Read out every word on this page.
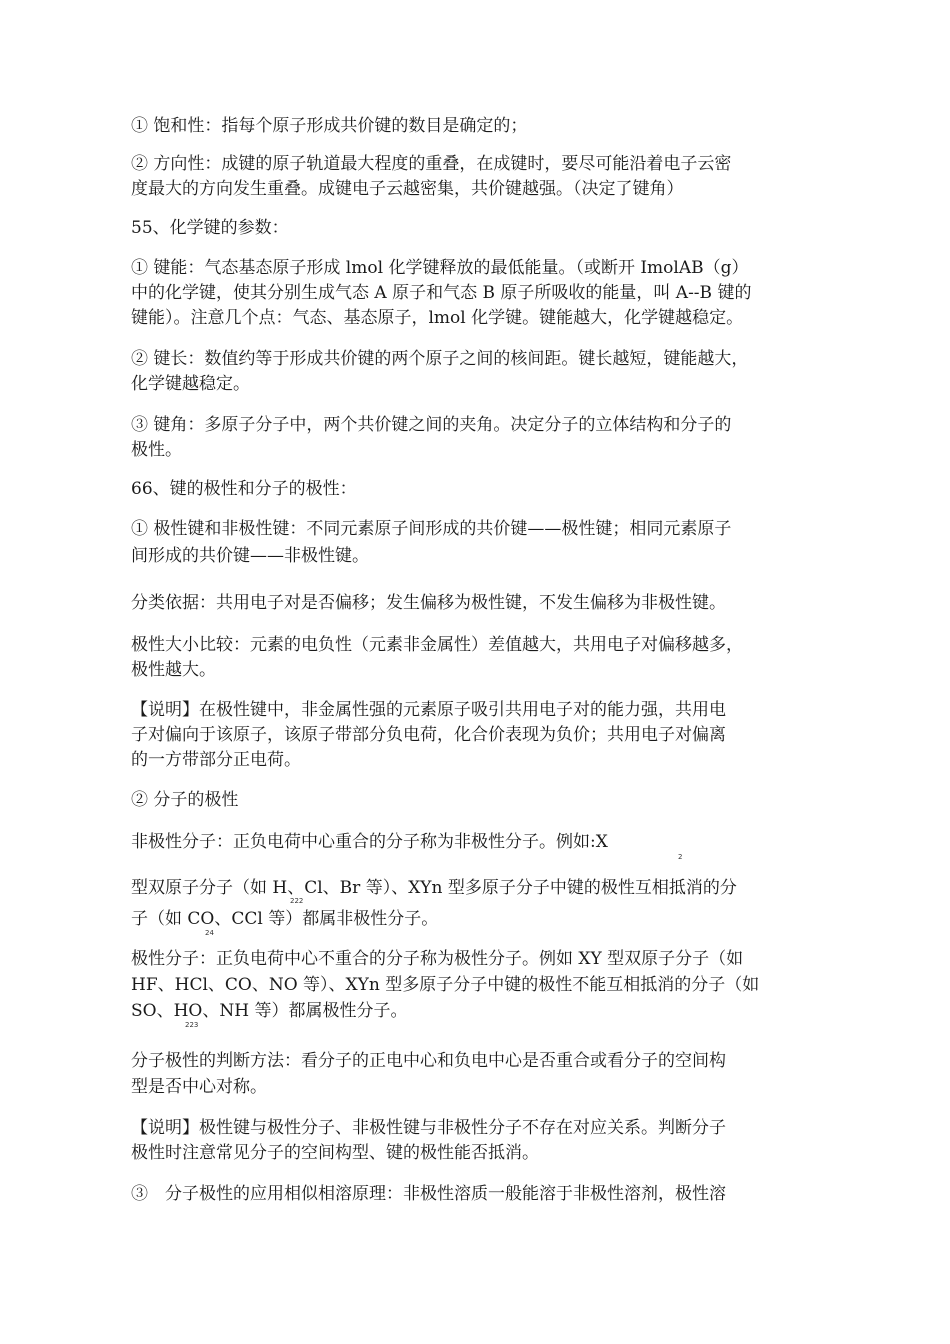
① 饱和性：指每个原子形成共价键的数目是确定的；

② 方向性：成键的原子轨道最大程度的重叠，在成键时，要尽可能沿着电子云密

度最大的方向发生重叠。成键电子云越密集，共价键越强。（决定了键角）

55、化学键的参数：

① 键能：气态基态原子形成 lmol 化学键释放的最低能量。（或断开 ImolAB（g）

中的化学键，使其分别生成气态 A 原子和气态 B 原子所吸收的能量，叫 A--B 键的

键能）。注意几个点：气态、基态原子，lmol 化学键。键能越大，化学键越稳定。

② 键长：数值约等于形成共价键的两个原子之间的核间距。键长越短，键能越大，

化学键越稳定。

③ 键角：多原子分子中，两个共价键之间的夹角。决定分子的立体结构和分子的

极性。

66、键的极性和分子的极性：

① 极性键和非极性键：不同元素原子间形成的共价键——极性键；相同元素原子

间形成的共价键——非极性键。

分类依据：共用电子对是否偏移；发生偏移为极性键，不发生偏移为非极性键。

极性大小比较：元素的电负性（元素非金属性）差值越大，共用电子对偏移越多，

极性越大。

【说明】在极性键中，非金属性强的元素原子吸引共用电子对的能力强，共用电

子对偏向于该原子，该原子带部分负电荷，化合价表现为负价；共用电子对偏离

的一方带部分正电荷。

② 分子的极性

非极性分子：正负电荷中心重合的分子称为非极性分子。例如:X

2

型双原子分子（如 H、Cl、Br 等）、XYn 型多原子分子中键的极性互相抵消的分

222

子（如 CO、CCl 等）都属非极性分子。

24

极性分子：正负电荷中心不重合的分子称为极性分子。例如 XY 型双原子分子（如

HF、HCl、CO、NO 等）、XYn 型多原子分子中键的极性不能互相抵消的分子（如

SO、HO、NH 等）都属极性分子。

223

分子极性的判断方法：看分子的正电中心和负电中心是否重合或看分子的空间构

型是否中心对称。

【说明】极性键与极性分子、非极性键与非极性分子不存在对应关系。判断分子

极性时注意常见分子的空间构型、键的极性能否抵消。

③　分子极性的应用相似相溶原理：非极性溶质一般能溶于非极性溶剂，极性溶
